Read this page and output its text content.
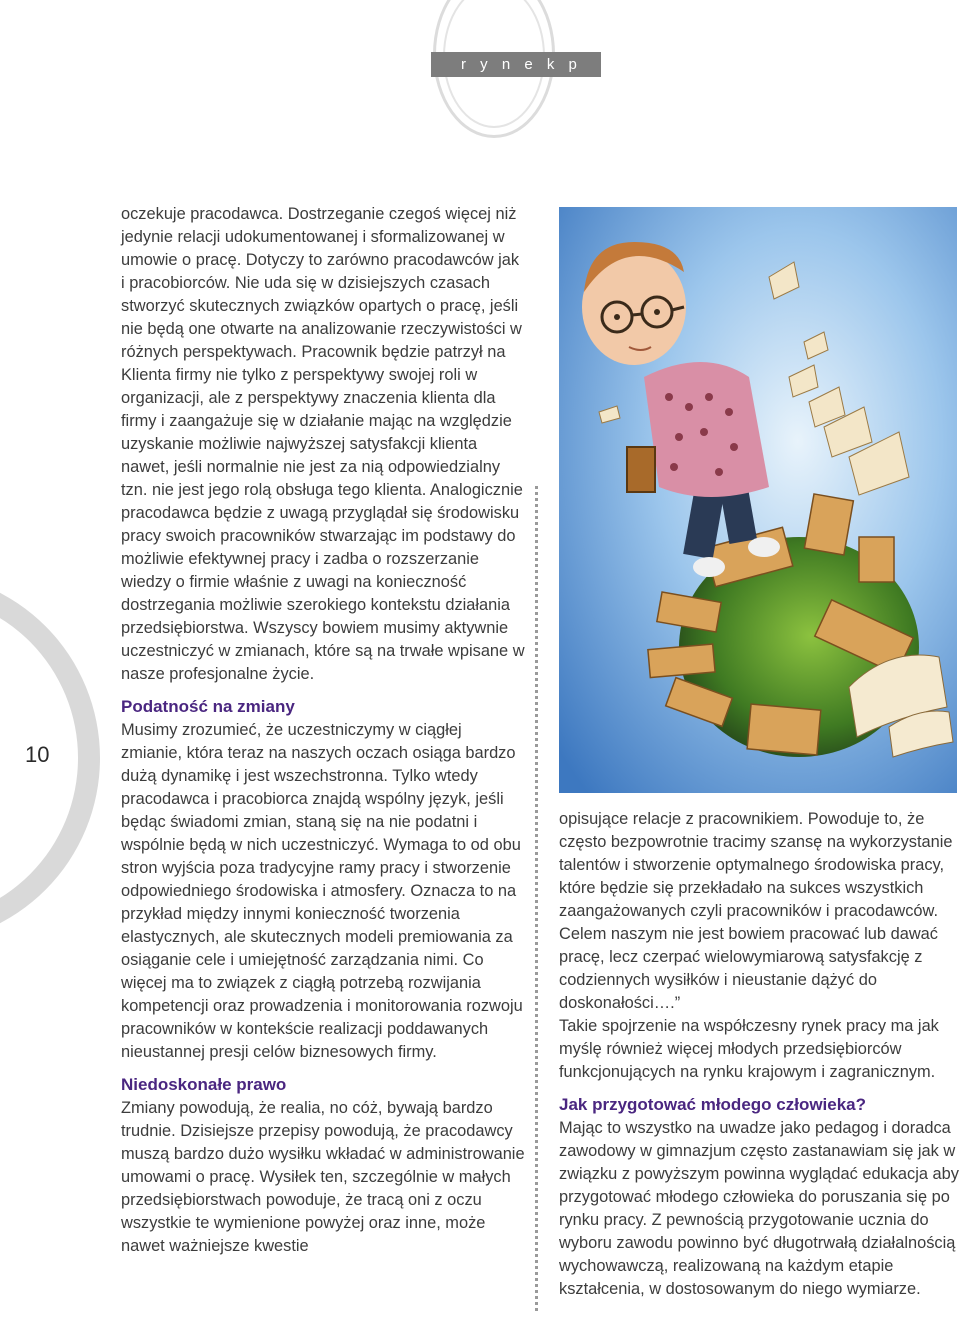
r y n e k p r a c y
10

oczekuje pracodawca. Dostrzeganie czegoś więcej niż jedynie relacji udokumentowanej i sformalizowanej w umowie o pracę. Dotyczy to zarówno pracodawców jak i pracobiorców. Nie uda się w dzisiejszych czasach stworzyć skutecznych związków opartych o pracę, jeśli nie będą one otwarte na analizowanie rzeczywistości w różnych perspektywach. Pracownik będzie patrzył na Klienta firmy nie tylko z perspektywy swojej roli w organizacji, ale z perspektywy znaczenia klienta dla firmy i zaangażuje się w działanie mając na względzie uzyskanie możliwie najwyższej satysfakcji klienta nawet, jeśli normalnie nie jest za nią odpowiedzialny tzn. nie jest jego rolą obsługa tego klienta. Analogicznie pracodawca będzie z uwagą przyglądał się środowisku pracy swoich pracowników stwarzając im podstawy do możliwie efektywnej pracy i zadba o rozszerzanie wiedzy o firmie właśnie z uwagi na konieczność dostrzegania możliwie szerokiego kontekstu działania przedsiębiorstwa. Wszyscy bowiem musimy aktywnie uczestniczyć w zmianach, które są na trwałe wpisane w nasze profesjonalne życie.

Podatność na zmiany

Musimy zrozumieć, że uczestniczymy w ciągłej zmianie, która teraz na naszych oczach osiąga bardzo dużą dynamikę i jest wszechstronna. Tylko wtedy pracodawca i pracobiorca znajdą wspólny język, jeśli będąc świadomi zmian, staną się na nie podatni i wspólnie będą w nich uczestniczyć. Wymaga to od obu stron wyjścia poza tradycyjne ramy pracy i stworzenie odpowiedniego środowiska i atmosfery. Oznacza to na przykład między innymi konieczność tworzenia elastycznych, ale skutecznych modeli premiowania za osiąganie cele i umiejętność zarządzania nimi. Co więcej ma to związek z ciągłą potrzebą rozwijania kompetencji oraz prowadzenia i monitorowania rozwoju pracowników w kontekście realizacji poddawanych nieustannej presji celów biznesowych firmy.

Niedoskonałe prawo

Zmiany powodują, że realia, no cóż, bywają bardzo trudnie. Dzisiejsze przepisy powodują, że pracodawcy muszą bardzo dużo wysiłku wkładać w administrowanie umowami o pracę. Wysiłek ten, szczególnie w małych przedsiębiorstwach powoduje, że tracą oni z oczu wszystkie te wymienione powyżej oraz inne, może nawet ważniejsze kwestie

opisujące relacje z pracownikiem. Powoduje to, że często bezpowrotnie tracimy szansę na wykorzystanie talentów i stworzenie optymalnego środowiska pracy, które będzie się przekładało na sukces wszystkich zaangażowanych czyli pracowników i pracodawców. Celem naszym nie jest bowiem pracować lub dawać pracę, lecz czerpać wielowymiarową satysfakcję z codziennych wysiłków i nieustanie dążyć do doskonałości….”

Takie spojrzenie na współczesny rynek pracy ma jak myślę również więcej młodych przedsiębiorców funkcjonujących na rynku krajowym i zagranicznym.

Jak przygotować młodego człowieka?

Mając to wszystko na uwadze jako pedagog i doradca zawodowy w gimnazjum często zastanawiam się jak w związku z powyższym powinna wyglądać edukacja aby przygotować młodego człowieka do poruszania się po rynku pracy. Z pewnością przygotowanie ucznia do wyboru zawodu powinno być długotrwałą działalnością wychowawczą, realizowaną na każdym etapie kształcenia, w dostosowanym do niego wymiarze.
